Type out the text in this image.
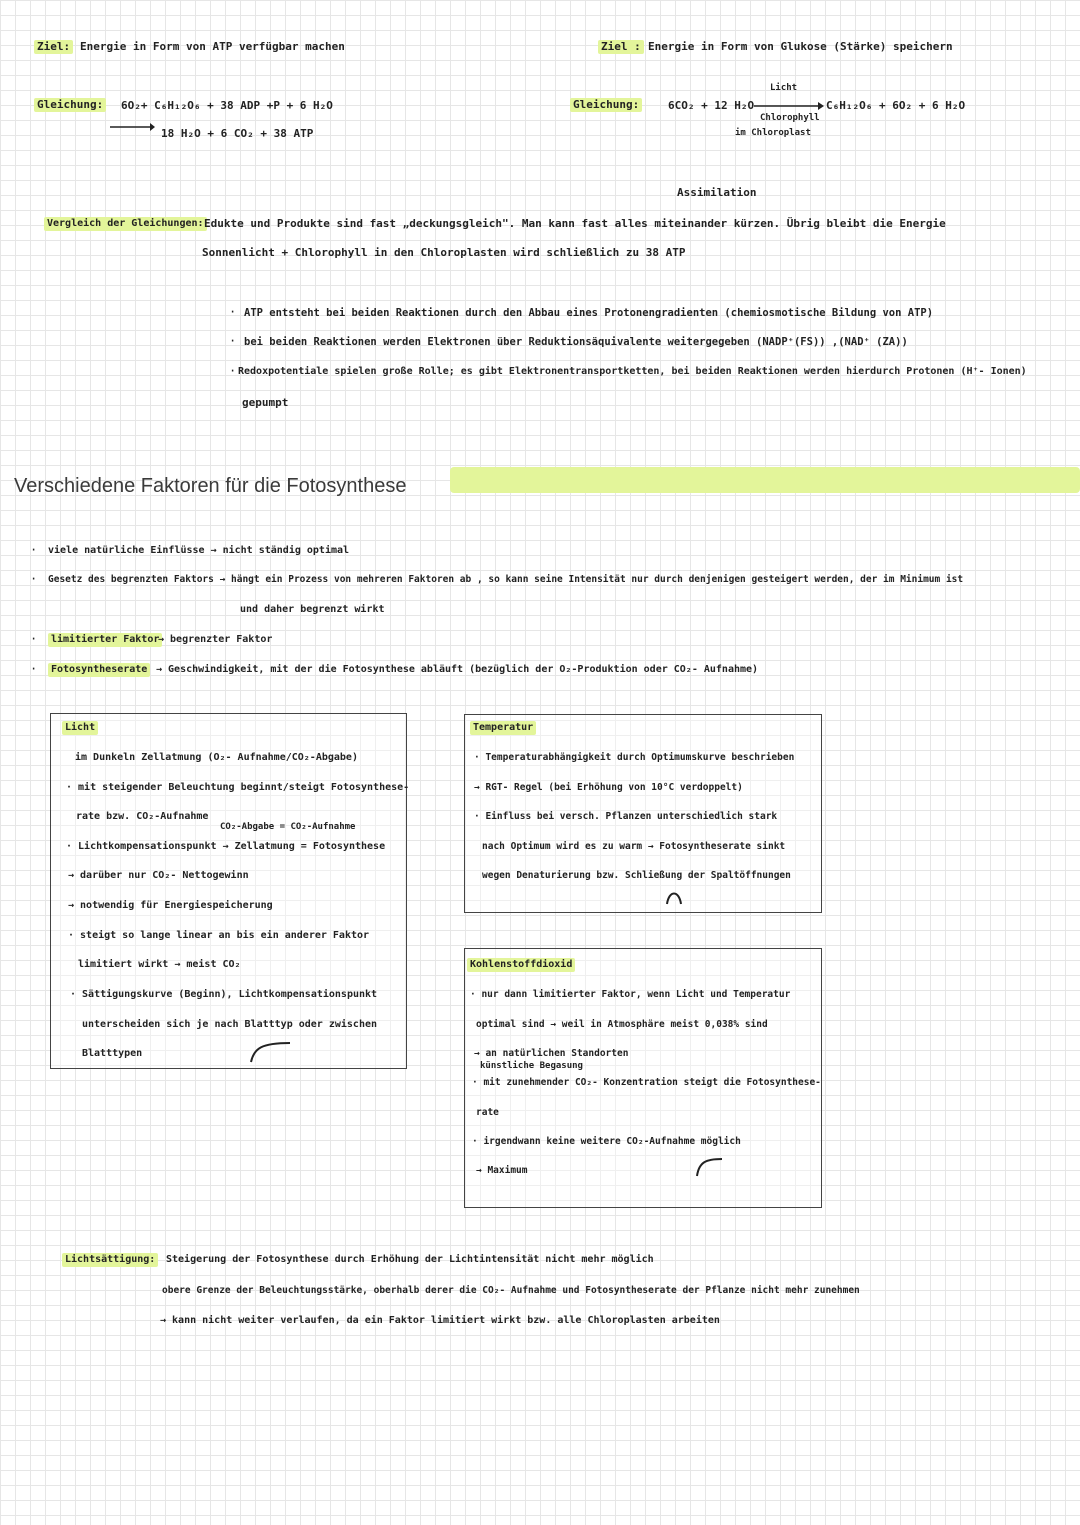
Ziel: Energie in Form von ATP verfügbar machen
Gleichung: 6O₂+ C₆H₁₂O₆ + 38 ADP +P + 6 H₂O
→ 18 H₂O + 6 CO₂ + 38 ATP
Ziel : Energie in Form von Glukose (Stärke) speichern
Gleichung:	6CO₂ + 12 H₂O
Licht
C₆H₁₂O₆ + 6O₂ + 6 H₂O
Chlorophyll
im Chloroplast
Assimilation
Vergleich der Gleichungen: Edukte und Produkte sind fast „deckungsgleich". Man kann fast alles miteinander kürzen. Übrig bleibt die Energie
Sonnenlicht + Chlorophyll in den Chloroplasten wird schließlich zu 38 ATP
· ATP entsteht bei beiden Reaktionen durch den Abbau eines Protonengradienten (chemiosmotische Bildung von ATP)
· bei beiden Reaktionen werden Elektronen über Reduktionsäquivalente weitergegeben (NADP⁺(FS)) ,(NAD⁺ (ZA))
· Redoxpotentiale spielen große Rolle; es gibt Elektronentransportketten, bei beiden Reaktionen werden hierdurch Protonen (H⁺- Ionen)
gepumpt
Verschiedene Faktoren für die Fotosynthese
· viele natürliche Einflüsse → nicht ständig optimal
· Gesetz des begrenzten Faktors → hängt ein Prozess von mehreren Faktoren ab , so kann seine Intensität nur durch denjenigen gesteigert werden, der im Minimum ist
und daher begrenzt wirkt
·	limitierter Faktor
→ begrenzter Faktor
·	Fotosyntheserate → Geschwindigkeit, mit der die Fotosynthese abläuft (bezüglich der O₂-Produktion oder CO₂- Aufnahme)
Licht
im Dunkeln Zellatmung (O₂- Aufnahme/CO₂-Abgabe)
· mit steigender Beleuchtung beginnt/steigt Fotosynthese-
rate bzw. CO₂-Aufnahme
CO₂-Abgabe = CO₂-Aufnahme
· Lichtkompensationspunkt → Zellatmung = Fotosynthese
→ darüber nur CO₂- Nettogewinn
→ notwendig für Energiespeicherung
· steigt so lange linear an bis ein anderer Faktor
limitiert wirkt → meist CO₂
· Sättigungskurve (Beginn), Lichtkompensationspunkt
unterscheiden sich je nach Blatttyp oder zwischen
Blatttypen
Temperatur
· Temperaturabhängigkeit durch Optimumskurve beschrieben
→ RGT- Regel (bei Erhöhung von 10°C verdoppelt)
· Einfluss bei versch. Pflanzen unterschiedlich stark
nach Optimum wird es zu warm → Fotosyntheserate sinkt
wegen Denaturierung bzw. Schließung der Spaltöffnungen
Kohlenstoffdioxid
· nur dann limitierter Faktor, wenn Licht und Temperatur
optimal sind → weil in Atmosphäre meist 0,038% sind
→ an natürlichen Standorten
künstliche Begasung
· mit zunehmender CO₂- Konzentration steigt die Fotosynthese-
rate
· irgendwann keine weitere CO₂-Aufnahme möglich
→ Maximum
Lichtsättigung:	Steigerung der Fotosynthese durch Erhöhung der Lichtintensität nicht mehr möglich
obere Grenze der Beleuchtungsstärke, oberhalb derer die CO₂- Aufnahme und Fotosyntheserate der Pflanze nicht mehr zunehmen
→ kann nicht weiter verlaufen, da ein Faktor limitiert wirkt bzw. alle Chloroplasten arbeiten
